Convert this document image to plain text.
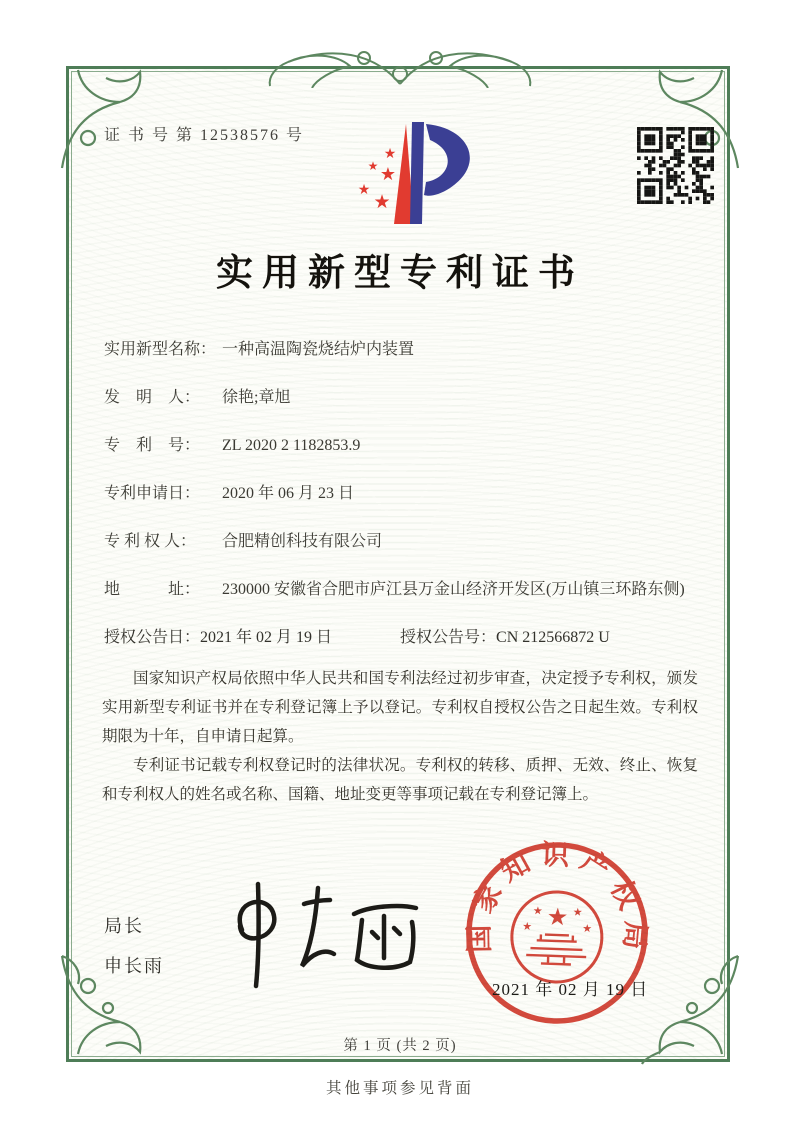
证 书 号 第 12538576 号
★
★ ★
★
★
实用新型专利证书
实用新型名称： 一种高温陶瓷烧结炉内装置
发　明　人：	徐艳;章旭
专　利　号：	ZL 2020 2 1182853.9
专利申请日：	2020 年 06 月 23 日
专 利 权 人：	合肥精创科技有限公司
地　　　址：	230000 安徽省合肥市庐江县万金山经济开发区(万山镇三环路东侧)
授权公告日： 2021 年 02 月 19 日	授权公告号： CN 212566872 U

国家知识产权局依照中华人民共和国专利法经过初步审查，决定授予专利权，颁发实用新型专利证书并在专利登记簿上予以登记。专利权自授权公告之日起生效。专利权期限为十年，自申请日起算。

专利证书记载专利权登记时的法律状况。专利权的转移、质押、无效、终止、恢复和专利权人的姓名或名称、国籍、地址变更等事项记载在专利登记簿上。

局长
申长雨
国家知识产权局
★
★	★
★	★
2021 年 02 月 19 日
第 1 页 (共 2 页)
其他事项参见背面
